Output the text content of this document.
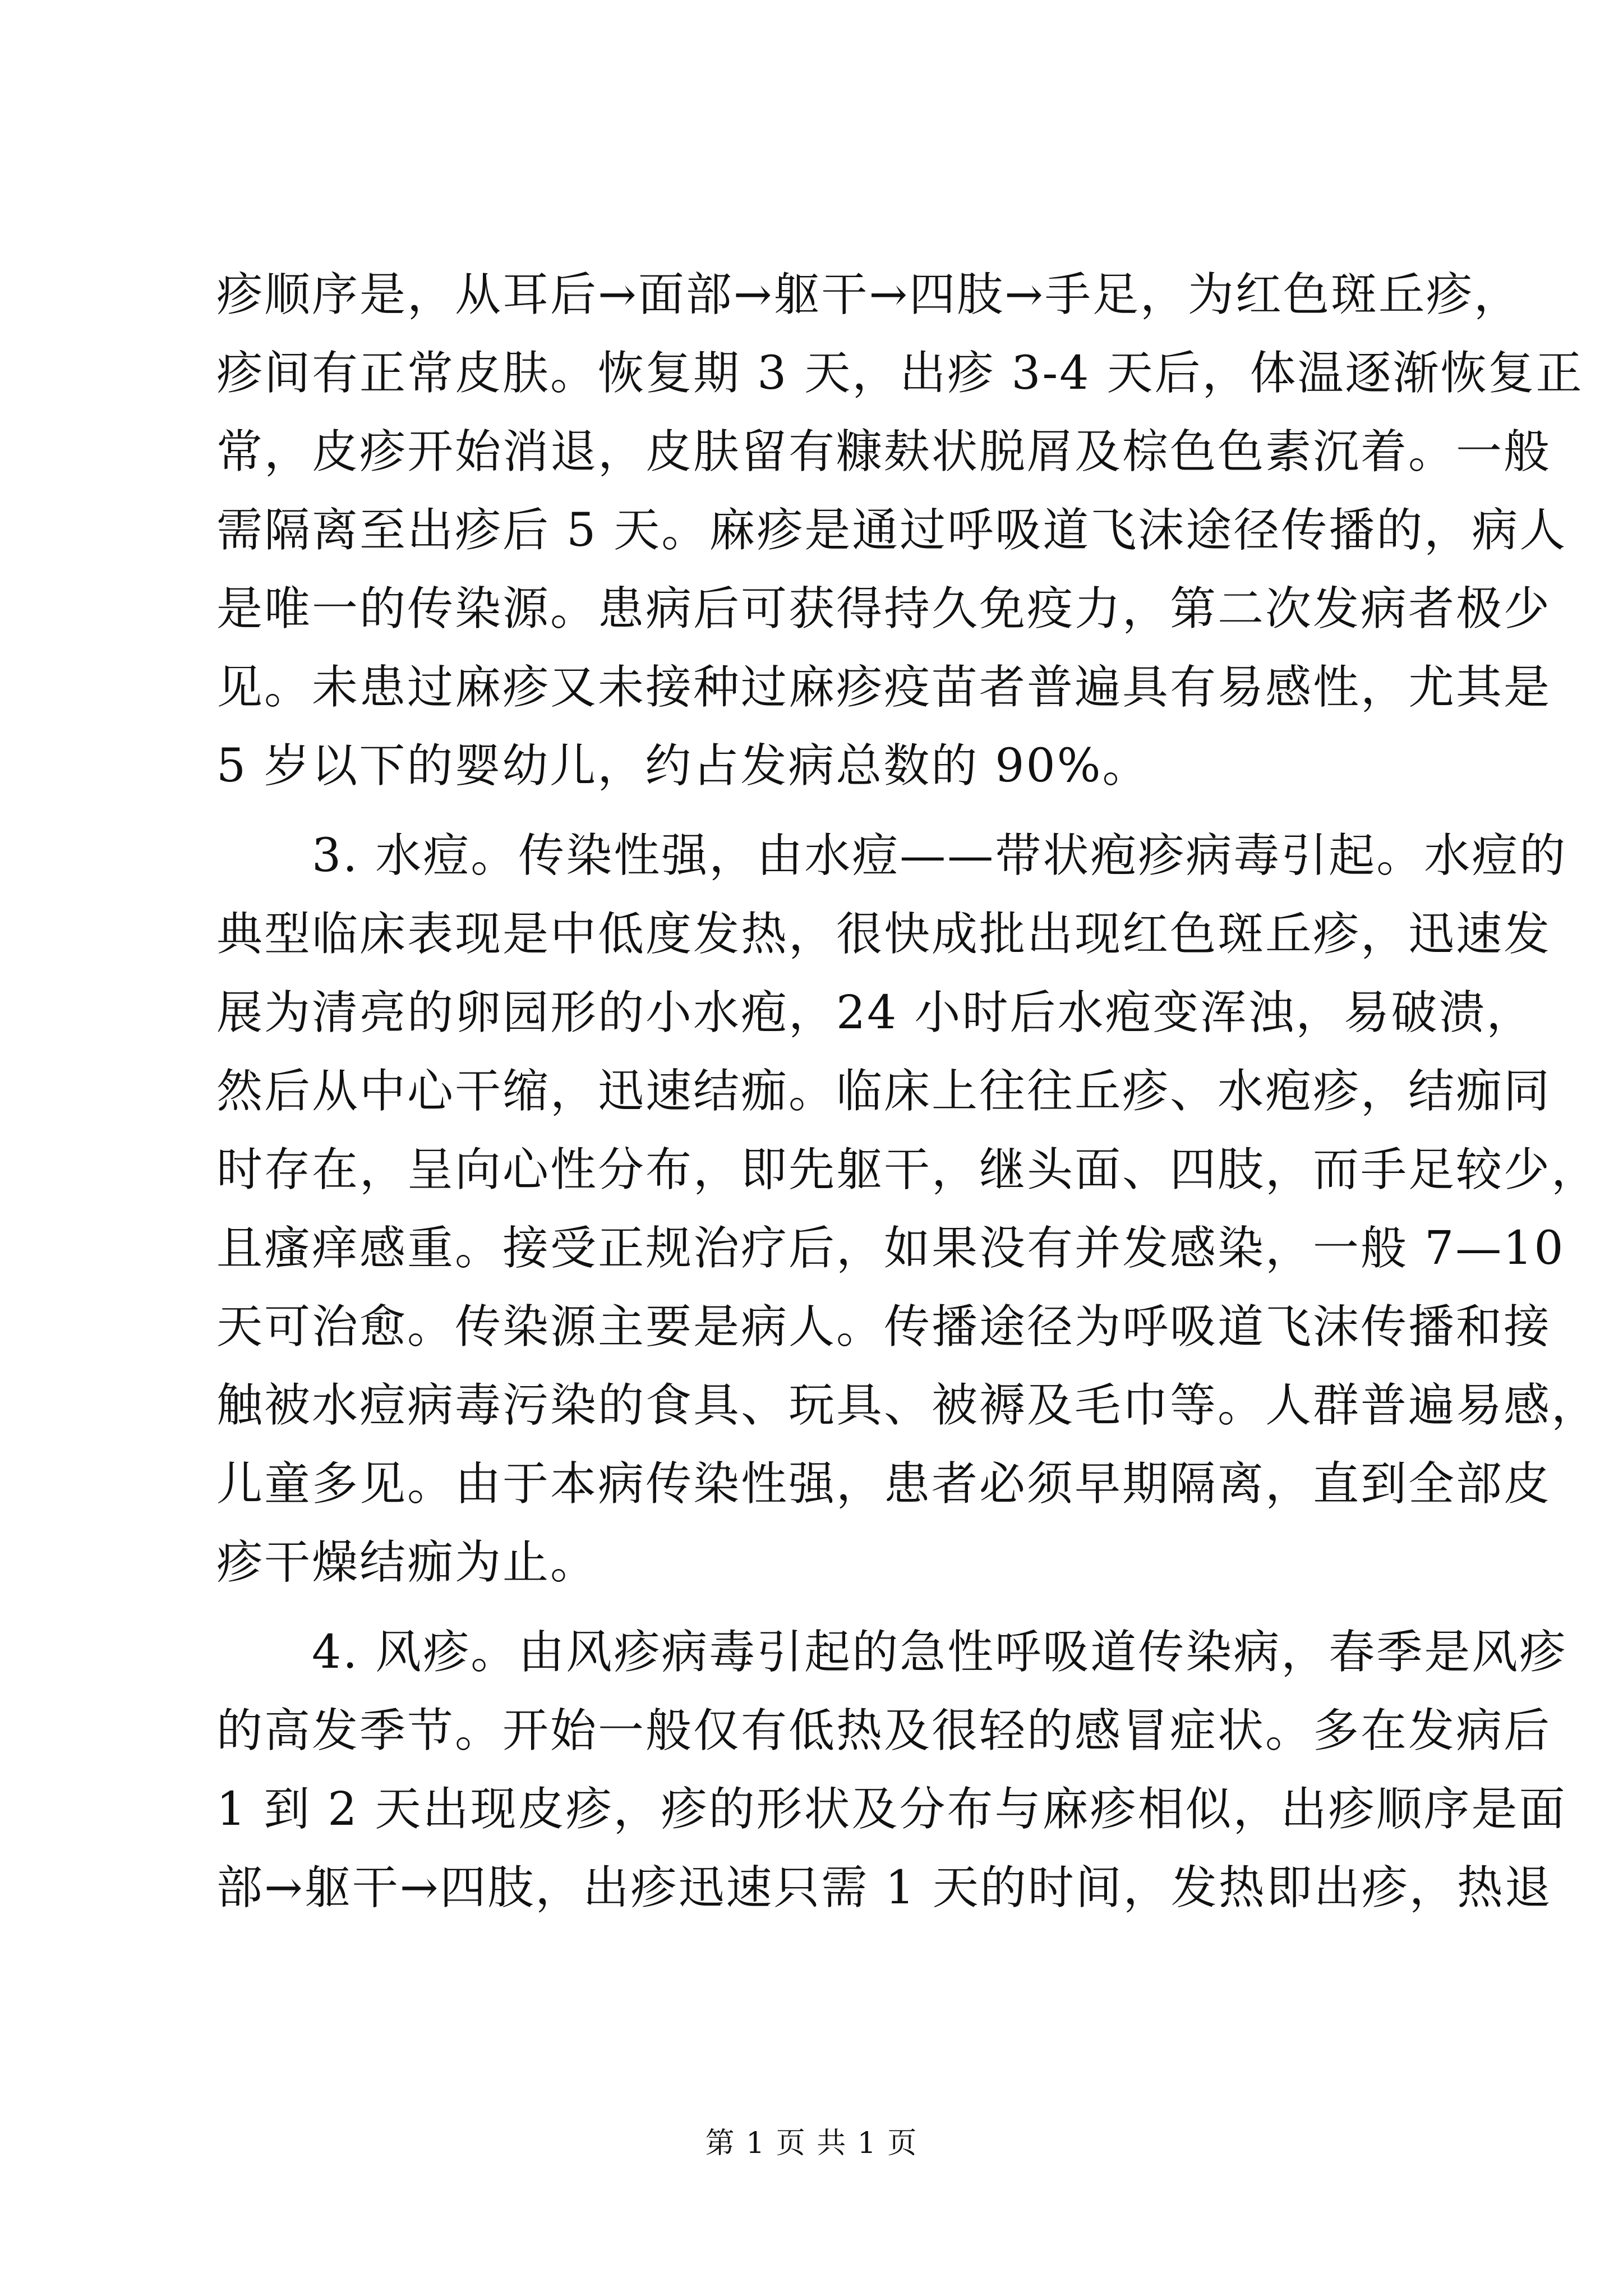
疹顺序是，从耳后→面部→躯干→四肢→手足，为红色斑丘疹，
疹间有正常皮肤。恢复期 3 天，出疹 3-4 天后，体温逐渐恢复正
常，皮疹开始消退，皮肤留有糠麸状脱屑及棕色色素沉着。一般
需隔离至出疹后 5 天。麻疹是通过呼吸道飞沫途径传播的，病人
是唯一的传染源。患病后可获得持久免疫力，第二次发病者极少
见。未患过麻疹又未接种过麻疹疫苗者普遍具有易感性，尤其是
5 岁以下的婴幼儿，约占发病总数的 90%。

3. 水痘。传染性强，由水痘——带状疱疹病毒引起。水痘的
典型临床表现是中低度发热，很快成批出现红色斑丘疹，迅速发
展为清亮的卵园形的小水疱，24 小时后水疱变浑浊，易破溃，
然后从中心干缩，迅速结痂。临床上往往丘疹、水疱疹，结痂同
时存在，呈向心性分布，即先躯干，继头面、四肢，而手足较少，
且瘙痒感重。接受正规治疗后，如果没有并发感染，一般 7—10
天可治愈。传染源主要是病人。传播途径为呼吸道飞沫传播和接
触被水痘病毒污染的食具、玩具、被褥及毛巾等。人群普遍易感，
儿童多见。由于本病传染性强，患者必须早期隔离，直到全部皮
疹干燥结痂为止。

4. 风疹。由风疹病毒引起的急性呼吸道传染病，春季是风疹
的高发季节。开始一般仅有低热及很轻的感冒症状。多在发病后
1 到 2 天出现皮疹，疹的形状及分布与麻疹相似，出疹顺序是面
部→躯干→四肢，出疹迅速只需 1 天的时间，发热即出疹，热退

第 1 页 共 1 页
